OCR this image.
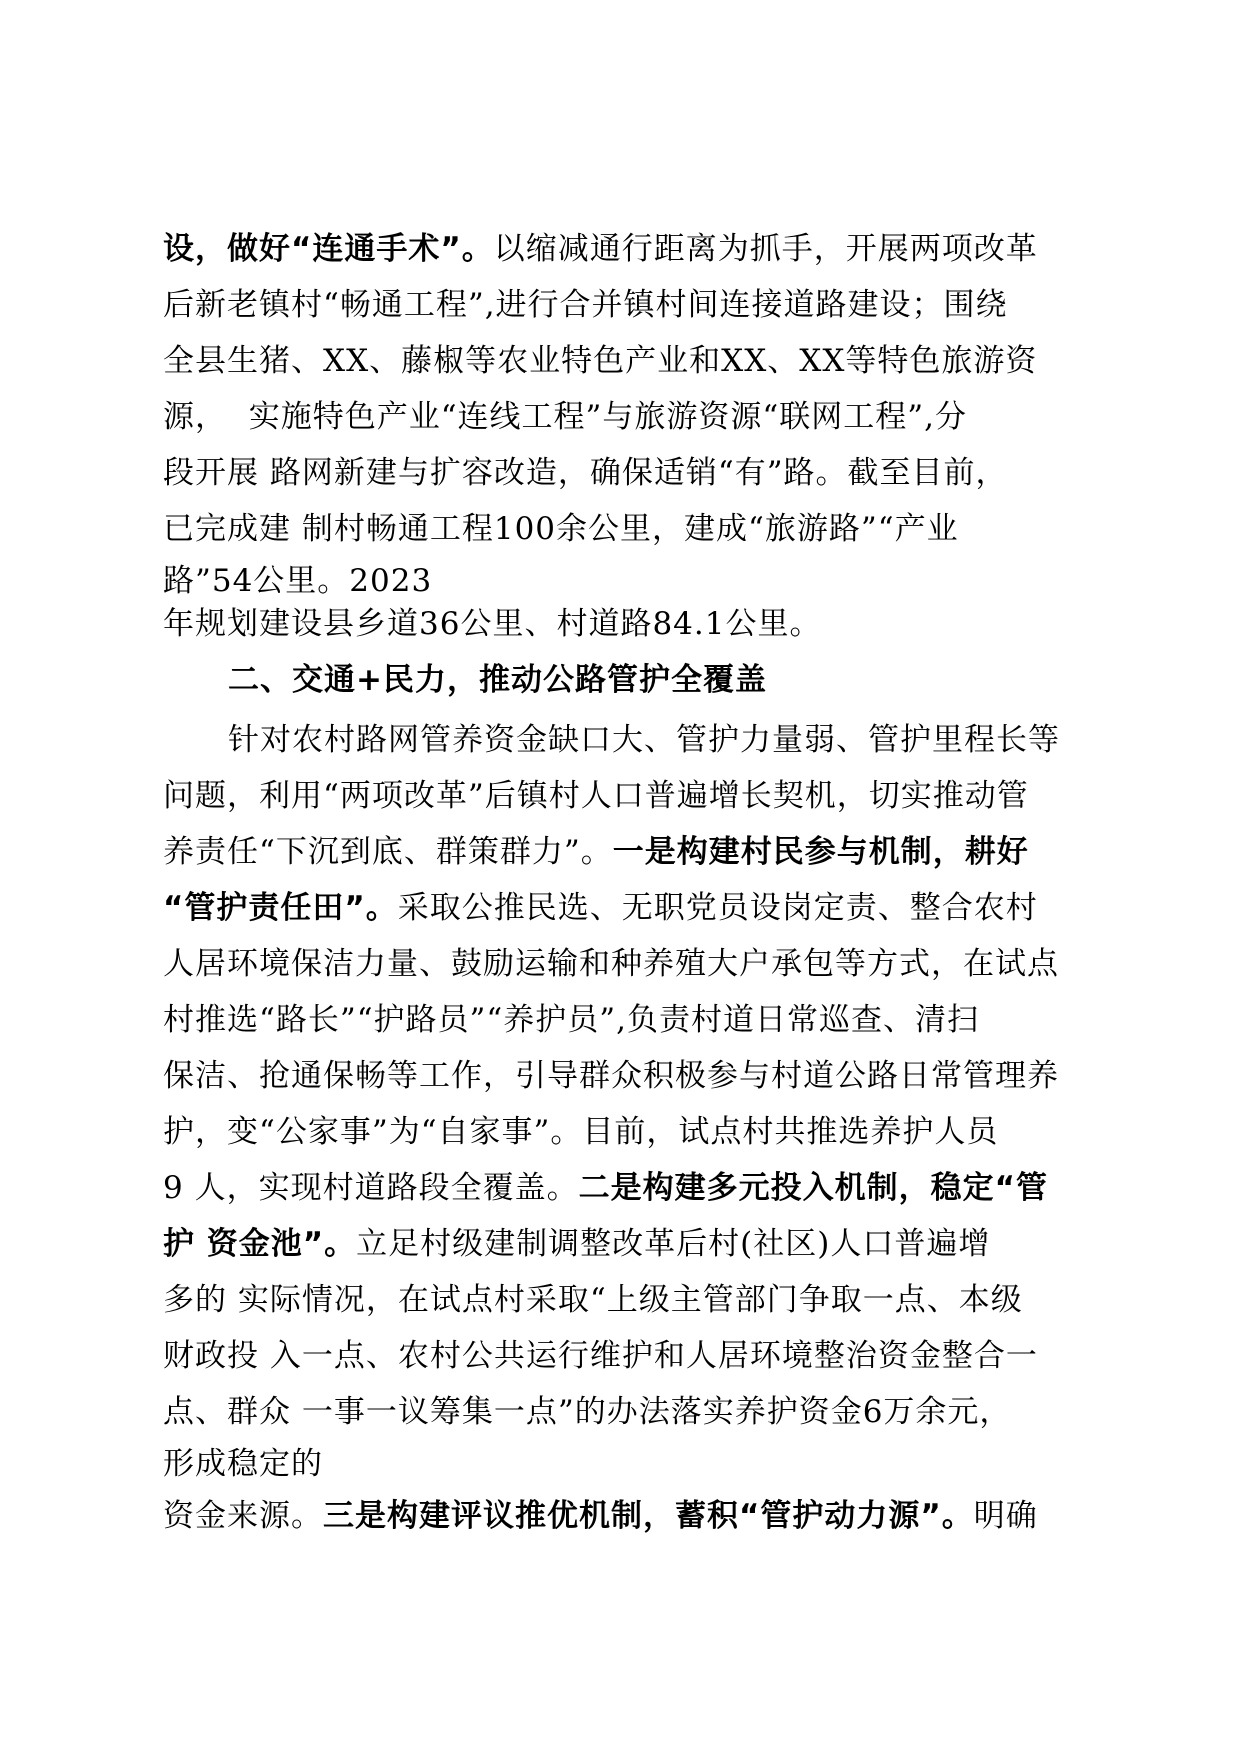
设，做好“连通手术”。以缩减通行距离为抓手，开展两项改革
后新老镇村“畅通工程”,进行合并镇村间连接道路建设；围绕
全县生猪、XX、藤椒等农业特色产业和XX、XX等特色旅游资
源，  实施特色产业“连线工程”与旅游资源“联网工程”,分
段开展 路网新建与扩容改造，确保适销“有”路。截至目前，
已完成建 制村畅通工程100余公里，建成“旅游路”“产业
路”54公里。2023
年规划建设县乡道36公里、村道路84.1公里。
二、交通+民力，推动公路管护全覆盖
针对农村路网管养资金缺口大、管护力量弱、管护里程长等
问题，利用“两项改革”后镇村人口普遍增长契机，切实推动管
养责任“下沉到底、群策群力”。一是构建村民参与机制，耕好
“管护责任田”。采取公推民选、无职党员设岗定责、整合农村
人居环境保洁力量、鼓励运输和种养殖大户承包等方式，在试点
村推选“路长”“护路员”“养护员”,负责村道日常巡查、清扫
保洁、抢通保畅等工作，引导群众积极参与村道公路日常管理养
护，变“公家事”为“自家事”。目前，试点村共推选养护人员
9 人，实现村道路段全覆盖。二是构建多元投入机制，稳定“管
护 资金池”。立足村级建制调整改革后村(社区)人口普遍增
多的 实际情况，在试点村采取“上级主管部门争取一点、本级
财政投 入一点、农村公共运行维护和人居环境整治资金整合一
点、群众 一事一议筹集一点”的办法落实养护资金6万余元，
形成稳定的
资金来源。三是构建评议推优机制，蓄积“管护动力源”。明确
